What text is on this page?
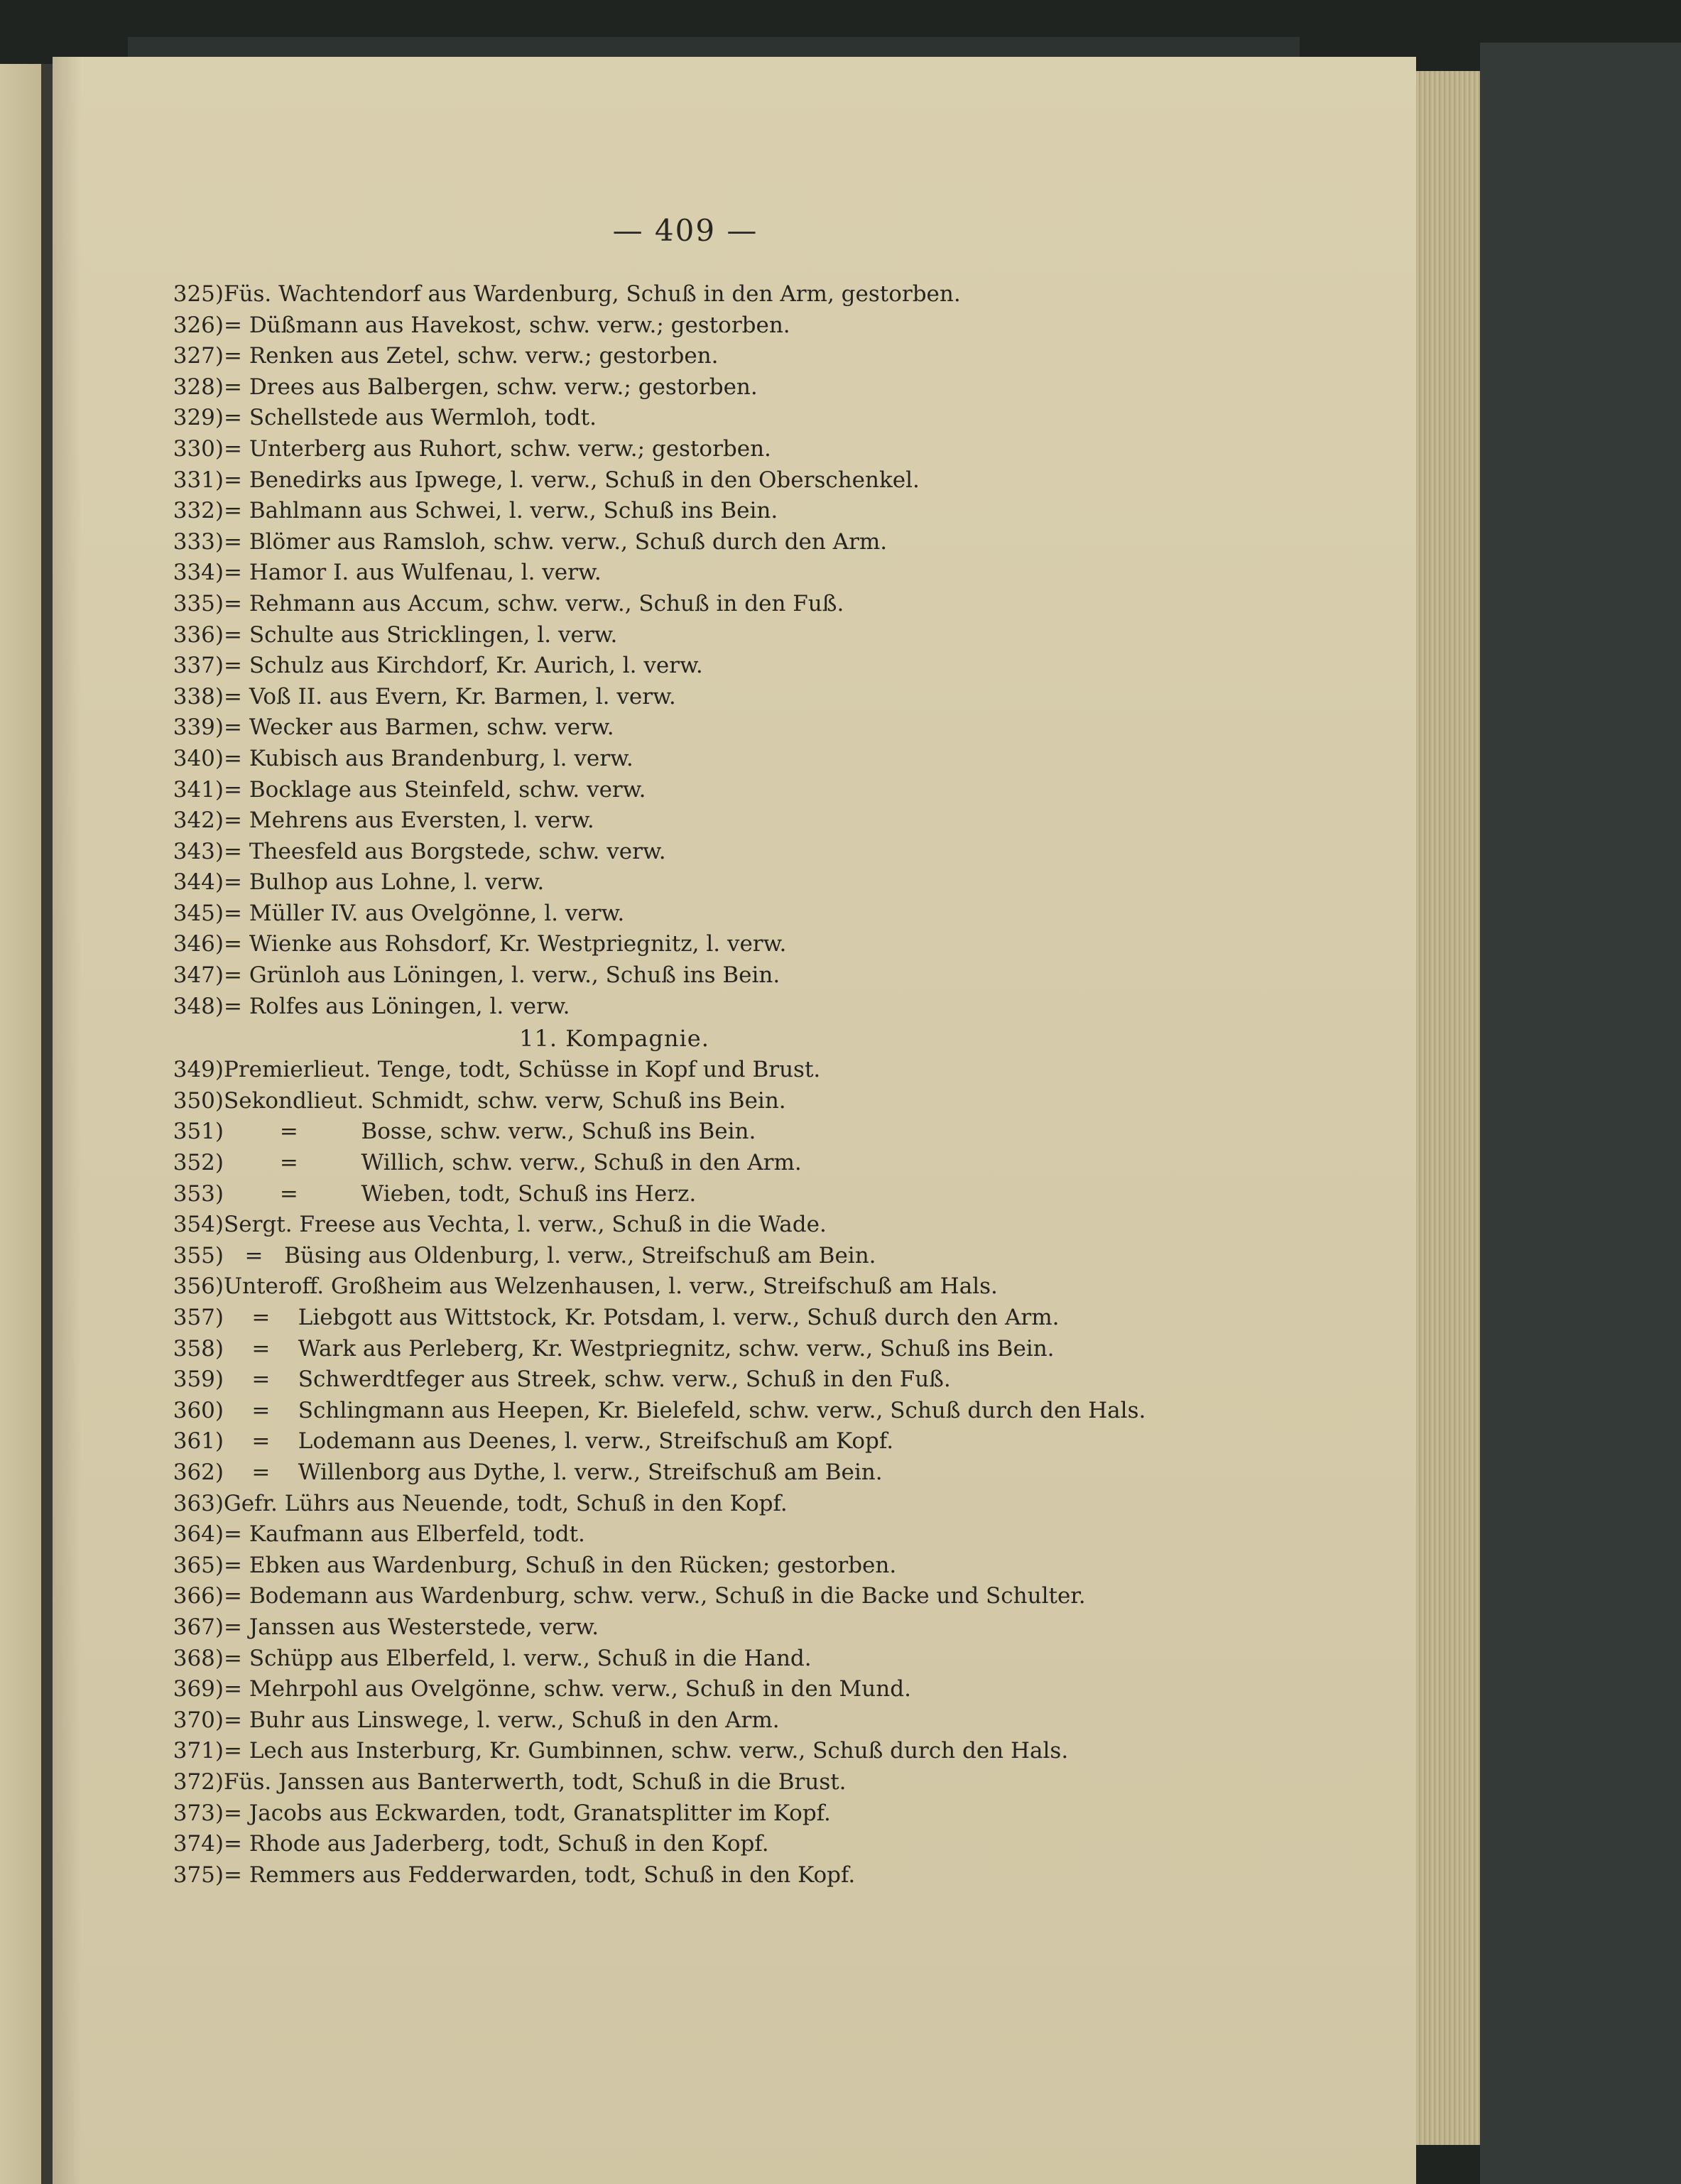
— 409 —
325) Füs. Wachtendorf aus Wardenburg, Schuß in den Arm, gestorben.
326) = Düßmann aus Havekost, schw. verw.; gestorben.
327) = Renken aus Zetel, schw. verw.; gestorben.
328) = Drees aus Balbergen, schw. verw.; gestorben.
329) = Schellstede aus Wermloh, todt.
330) = Unterberg aus Ruhort, schw. verw.; gestorben.
331) = Benedirks aus Ipwege, l. verw., Schuß in den Oberschenkel.
332) = Bahlmann aus Schwei, l. verw., Schuß ins Bein.
333) = Blömer aus Ramsloh, schw. verw., Schuß durch den Arm.
334) = Hamor I. aus Wulfenau, l. verw.
335) = Rehmann aus Accum, schw. verw., Schuß in den Fuß.
336) = Schulte aus Stricklingen, l. verw.
337) = Schulz aus Kirchdorf, Kr. Aurich, l. verw.
338) = Voß II. aus Evern, Kr. Barmen, l. verw.
339) = Wecker aus Barmen, schw. verw.
340) = Kubisch aus Brandenburg, l. verw.
341) = Bocklage aus Steinfeld, schw. verw.
342) = Mehrens aus Eversten, l. verw.
343) = Theesfeld aus Borgstede, schw. verw.
344) = Bulhop aus Lohne, l. verw.
345) = Müller IV. aus Ovelgönne, l. verw.
346) = Wienke aus Rohsdorf, Kr. Westpriegnitz, l. verw.
347) = Grünloh aus Löningen, l. verw., Schuß ins Bein.
348) = Rolfes aus Löningen, l. verw.
11. Kompagnie.
349) Premierlieut. Tenge, todt, Schüsse in Kopf und Brust.
350) Sekondlieut. Schmidt, schw. verw, Schuß ins Bein.
351) =         Bosse, schw. verw., Schuß ins Bein.
352) =         Willich, schw. verw., Schuß in den Arm.
353) =         Wieben, todt, Schuß ins Herz.
354) Sergt. Freese aus Vechta, l. verw., Schuß in die Wade.
355) =   Büsing aus Oldenburg, l. verw., Streifschuß am Bein.
356) Unteroff. Großheim aus Welzenhausen, l. verw., Streifschuß am Hals.
357) =    Liebgott aus Wittstock, Kr. Potsdam, l. verw., Schuß durch den Arm.
358) =    Wark aus Perleberg, Kr. Westpriegnitz, schw. verw., Schuß ins Bein.
359) =    Schwerdtfeger aus Streek, schw. verw., Schuß in den Fuß.
360) =    Schlingmann aus Heepen, Kr. Bielefeld, schw. verw., Schuß durch den Hals.
361) =    Lodemann aus Deenes, l. verw., Streifschuß am Kopf.
362) =    Willenborg aus Dythe, l. verw., Streifschuß am Bein.
363) Gefr. Lührs aus Neuende, todt, Schuß in den Kopf.
364) = Kaufmann aus Elberfeld, todt.
365) = Ebken aus Wardenburg, Schuß in den Rücken; gestorben.
366) = Bodemann aus Wardenburg, schw. verw., Schuß in die Backe und Schulter.
367) = Janssen aus Westerstede, verw.
368) = Schüpp aus Elberfeld, l. verw., Schuß in die Hand.
369) = Mehrpohl aus Ovelgönne, schw. verw., Schuß in den Mund.
370) = Buhr aus Linswege, l. verw., Schuß in den Arm.
371) = Lech aus Insterburg, Kr. Gumbinnen, schw. verw., Schuß durch den Hals.
372) Füs. Janssen aus Banterwerth, todt, Schuß in die Brust.
373) = Jacobs aus Eckwarden, todt, Granatsplitter im Kopf.
374) = Rhode aus Jaderberg, todt, Schuß in den Kopf.
375) = Remmers aus Fedderwarden, todt, Schuß in den Kopf.
